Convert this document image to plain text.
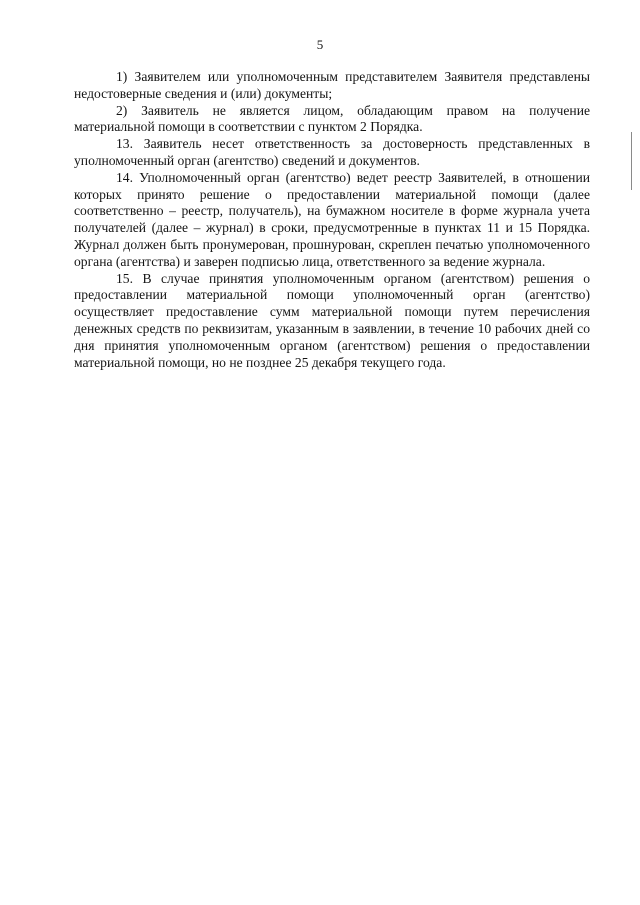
5

1) Заявителем или уполномоченным представителем Заявителя представлены недостоверные сведения и (или) документы;

2) Заявитель не является лицом, обладающим правом на получение материальной помощи в соответствии с пунктом 2 Порядка.

13. Заявитель несет ответственность за достоверность представленных в уполномоченный орган (агентство) сведений и документов.

14. Уполномоченный орган (агентство) ведет реестр Заявителей, в отношении которых принято решение о предоставлении материальной помощи (далее соответственно – реестр, получатель), на бумажном носителе в форме журнала учета получателей (далее – журнал) в сроки, предусмотренные в пунктах 11 и 15 Порядка. Журнал должен быть пронумерован, прошнурован, скреплен печатью уполномоченного органа (агентства) и заверен подписью лица, ответственного за ведение журнала.

15. В случае принятия уполномоченным органом (агентством) решения о предоставлении материальной помощи уполномоченный орган (агентство) осуществляет предоставление сумм материальной помощи путем перечисления денежных средств по реквизитам, указанным в заявлении, в течение 10 рабочих дней со дня принятия уполномоченным органом (агентством) решения о предоставлении материальной помощи, но не позднее 25 декабря текущего года.
